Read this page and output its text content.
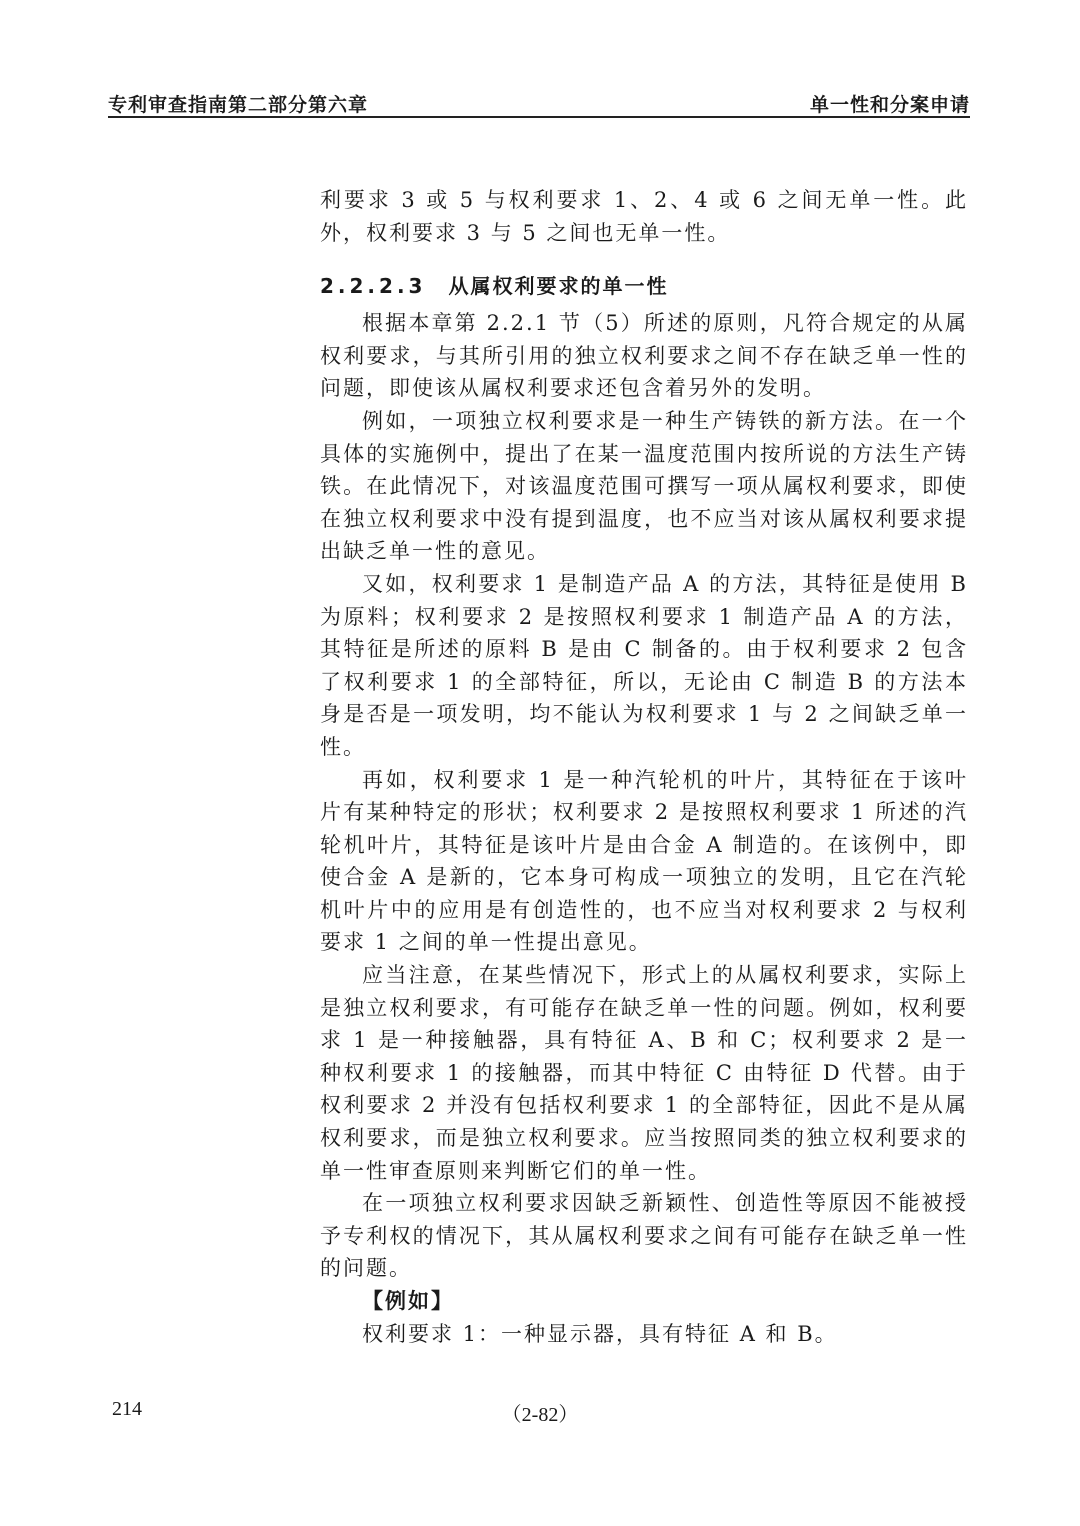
专利审查指南第二部分第六章	单一性和分案申请

利要求 3 或 5 与权利要求 1、2、4 或 6 之间无单一性。此外，权利要求 3 与 5 之间也无单一性。

2.2.2.3 从属权利要求的单一性

根据本章第 2.2.1 节（5）所述的原则，凡符合规定的从属权利要求，与其所引用的独立权利要求之间不存在缺乏单一性的问题，即使该从属权利要求还包含着另外的发明。

例如，一项独立权利要求是一种生产铸铁的新方法。在一个具体的实施例中，提出了在某一温度范围内按所说的方法生产铸铁。在此情况下，对该温度范围可撰写一项从属权利要求，即使在独立权利要求中没有提到温度，也不应当对该从属权利要求提出缺乏单一性的意见。

又如，权利要求 1 是制造产品 A 的方法，其特征是使用 B 为原料；权利要求 2 是按照权利要求 1 制造产品 A 的方法，其特征是所述的原料 B 是由 C 制备的。由于权利要求 2 包含了权利要求 1 的全部特征，所以，无论由 C 制造 B 的方法本身是否是一项发明，均不能认为权利要求 1 与 2 之间缺乏单一性。

再如，权利要求 1 是一种汽轮机的叶片，其特征在于该叶片有某种特定的形状；权利要求 2 是按照权利要求 1 所述的汽轮机叶片，其特征是该叶片是由合金 A 制造的。在该例中，即使合金 A 是新的，它本身可构成一项独立的发明，且它在汽轮机叶片中的应用是有创造性的，也不应当对权利要求 2 与权利要求 1 之间的单一性提出意见。

应当注意，在某些情况下，形式上的从属权利要求，实际上是独立权利要求，有可能存在缺乏单一性的问题。例如，权利要求 1 是一种接触器，具有特征 A、B 和 C；权利要求 2 是一种权利要求 1 的接触器，而其中特征 C 由特征 D 代替。由于权利要求 2 并没有包括权利要求 1 的全部特征，因此不是从属权利要求，而是独立权利要求。应当按照同类的独立权利要求的单一性审查原则来判断它们的单一性。

在一项独立权利要求因缺乏新颖性、创造性等原因不能被授予专利权的情况下，其从属权利要求之间有可能存在缺乏单一性的问题。

【例如】

权利要求 1：一种显示器，具有特征 A 和 B。

214	（2-82）
